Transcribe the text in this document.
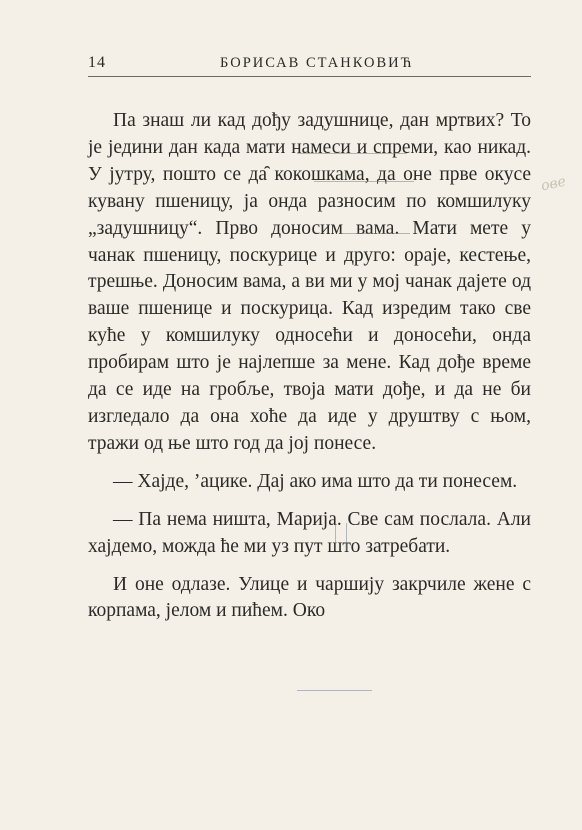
14	БОРИСАВ СТАНКОВИЋ

Па знаш ли кад дођу задушнице, дан мртвих? То је једини дан када мати намеси и спреми, као никад. У јутру, пошто се да̑ кокошкама, да оне прве окусе кувану пшеницу, ја онда разносим по комшилуку „задушницу“. Прво доносим вама. Мати мете у чанак пшеницу, поскурице и друго: ораје, кестење, трешње. Доносим вама, а ви ми у мој чанак дајете од ваше пшенице и поскурица. Кад изредим тако све куће у комшилуку односећи и доносећи, онда пробирам што је најлепше за мене. Кад дође време да се иде на гробље, твоја мати дође, и да не би изгледало да она хоће да иде у друштву с њом, тражи од ње што год да јој понесе.

— Хајде, ’ацике. Дај ако има што да ти понесем.

— Па нема ништа, Марија. Све сам послала. Али хајдемо, можда ће ми уз пут што затребати.

И оне одлазе. Улице и чаршију закрчиле жене с корпама, јелом и пићем. Око

ове
